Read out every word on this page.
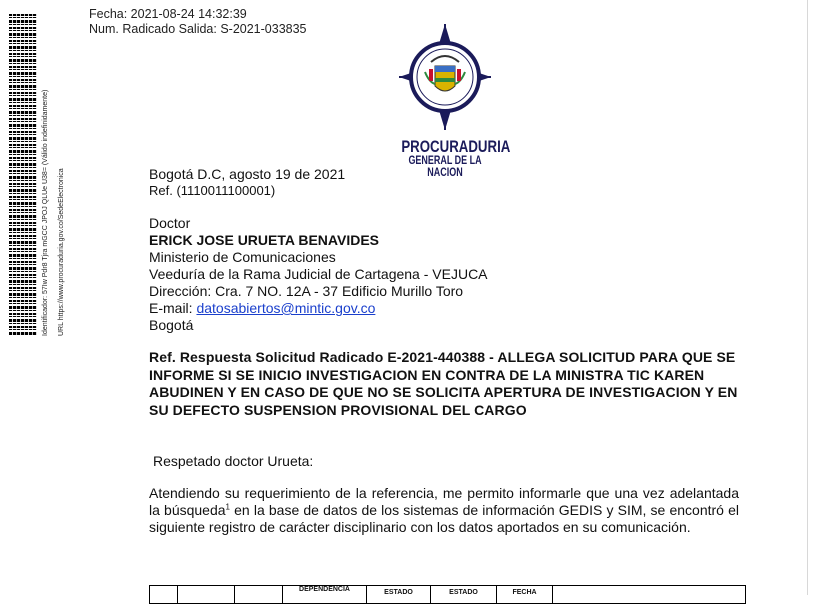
Identificador: 57Iw Pdr8 Tjra mGCC JPOJ QLUe U38= (Válido indefinidamente) URL https://www.procuraduria.gov.co/SedeElectronica
Fecha: 2021-08-24 14:32:39
Num. Radicado Salida: S-2021-033835
PROCURADURIA
GENERAL DE LA NACION
Bogotá D.C, agosto 19 de 2021
Ref. (1110011100001)
Doctor
ERICK JOSE URUETA BENAVIDES
Ministerio de Comunicaciones
Veeduría de la Rama Judicial de Cartagena - VEJUCA
Dirección: Cra. 7 NO. 12A - 37 Edificio Murillo Toro
E-mail: datosabiertos@mintic.gov.co
Bogotá
Ref. Respuesta Solicitud Radicado E-2021-440388 - ALLEGA SOLICITUD PARA QUE SE INFORME SI SE INICIO INVESTIGACION EN CONTRA DE LA MINISTRA TIC KAREN ABUDINEN Y EN CASO DE QUE NO SE SOLICITA APERTURA DE INVESTIGACION Y EN SU DEFECTO SUSPENSION PROVISIONAL DEL CARGO
Respetado doctor Urueta:
Atendiendo su requerimiento de la referencia, me permito informarle que una vez adelantada la búsqueda$^1$ en la base de datos de los sistemas de información GEDIS y SIM, se encontró el siguiente registro de carácter disciplinario con los datos aportados en su comunicación.
			DEPENDENCIA	ESTADO	ESTADO	FECHA	
